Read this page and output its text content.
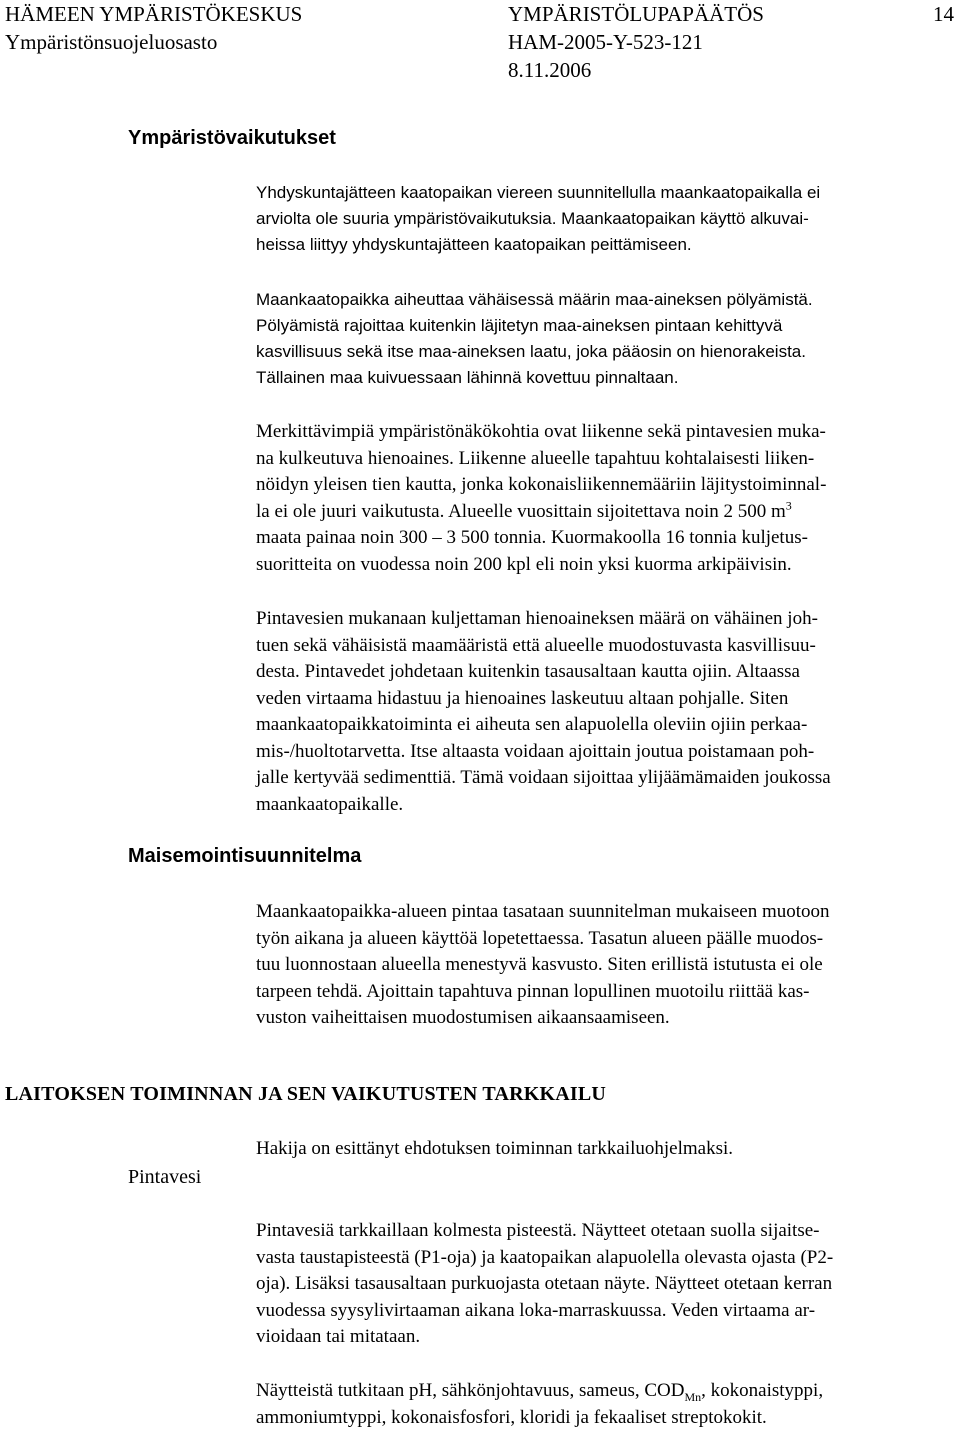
HÄMEEN YMPÄRISTÖKESKUS
Ympäristönsuojeluosasto
YMPÄRISTÖLUPAPÄÄTÖS
HAM-2005-Y-523-121
8.11.2006
14
Ympäristövaikutukset
Yhdyskuntajätteen kaatopaikan viereen suunnitellulla maankaatopaikalla ei
arviolta ole suuria ympäristövaikutuksia. Maankaatopaikan käyttö alkuvai-
heissa liittyy yhdyskuntajätteen kaatopaikan peittämiseen.
Maankaatopaikka aiheuttaa vähäisessä määrin maa-aineksen pölyämistä.
Pölyämistä rajoittaa kuitenkin läjitetyn maa-aineksen pintaan kehittyvä
kasvillisuus sekä itse maa-aineksen laatu, joka pääosin on hienorakeista.
Tällainen maa kuivuessaan lähinnä kovettuu pinnaltaan.
Merkittävimpiä ympäristönäkökohtia ovat liikenne sekä pintavesien muka-
na kulkeutuva hienoaines. Liikenne alueelle tapahtuu kohtalaisesti liiken-
nöidyn yleisen tien kautta, jonka kokonaisliikennemääriin läjitystoiminnal-
la ei ole juuri vaikutusta. Alueelle vuosittain sijoitettava noin 2 500 $m^3$
maata painaa noin 300 – 3 500 tonnia. Kuormakoolla 16 tonnia kuljetus-
suoritteita on vuodessa noin 200 kpl eli noin yksi kuorma arkipäivisin.
Pintavesien mukanaan kuljettaman hienoaineksen määrä on vähäinen joh-
tuen sekä vähäisistä maamääristä että alueelle muodostuvasta kasvillisuu-
desta. Pintavedet johdetaan kuitenkin tasausaltaan kautta ojiin. Altaassa
veden virtaama hidastuu ja hienoaines laskeutuu altaan pohjalle. Siten
maankaatopaikkatoiminta ei aiheuta sen alapuolella oleviin ojiin perkaa-
mis-/huoltotarvetta. Itse altaasta voidaan ajoittain joutua poistamaan poh-
jalle kertyvää sedimenttiä. Tämä voidaan sijoittaa ylijäämämaiden joukossa
maankaatopaikalle.
Maisemointisuunnitelma
Maankaatopaikka-alueen pintaa tasataan suunnitelman mukaiseen muotoon
työn aikana ja alueen käyttöä lopetettaessa. Tasatun alueen päälle muodos-
tuu luonnostaan alueella menestyvä kasvusto. Siten erillistä istutusta ei ole
tarpeen tehdä. Ajoittain tapahtuva pinnan lopullinen muotoilu riittää kas-
vuston vaiheittaisen muodostumisen aikaansaamiseen.
LAITOKSEN TOIMINNAN JA SEN VAIKUTUSTEN TARKKAILU
Pintavesi
Hakija on esittänyt ehdotuksen toiminnan tarkkailuohjelmaksi.
Pintavesiä tarkkaillaan kolmesta pisteestä. Näytteet otetaan suolla sijaitse-
vasta taustapisteestä (P1-oja) ja kaatopaikan alapuolella olevasta ojasta (P2-
oja). Lisäksi tasausaltaan purkuojasta otetaan näyte. Näytteet otetaan kerran
vuodessa syysylivirtaaman aikana loka-marraskuussa. Veden virtaama ar-
vioidaan tai mitataan.
Näytteistä tutkitaan pH, sähkönjohtavuus, sameus, $COD_{Mn}$, kokonaistyppi,
ammoniumtyppi, kokonaisfosfori, kloridi ja fekaaliset streptokokit.
